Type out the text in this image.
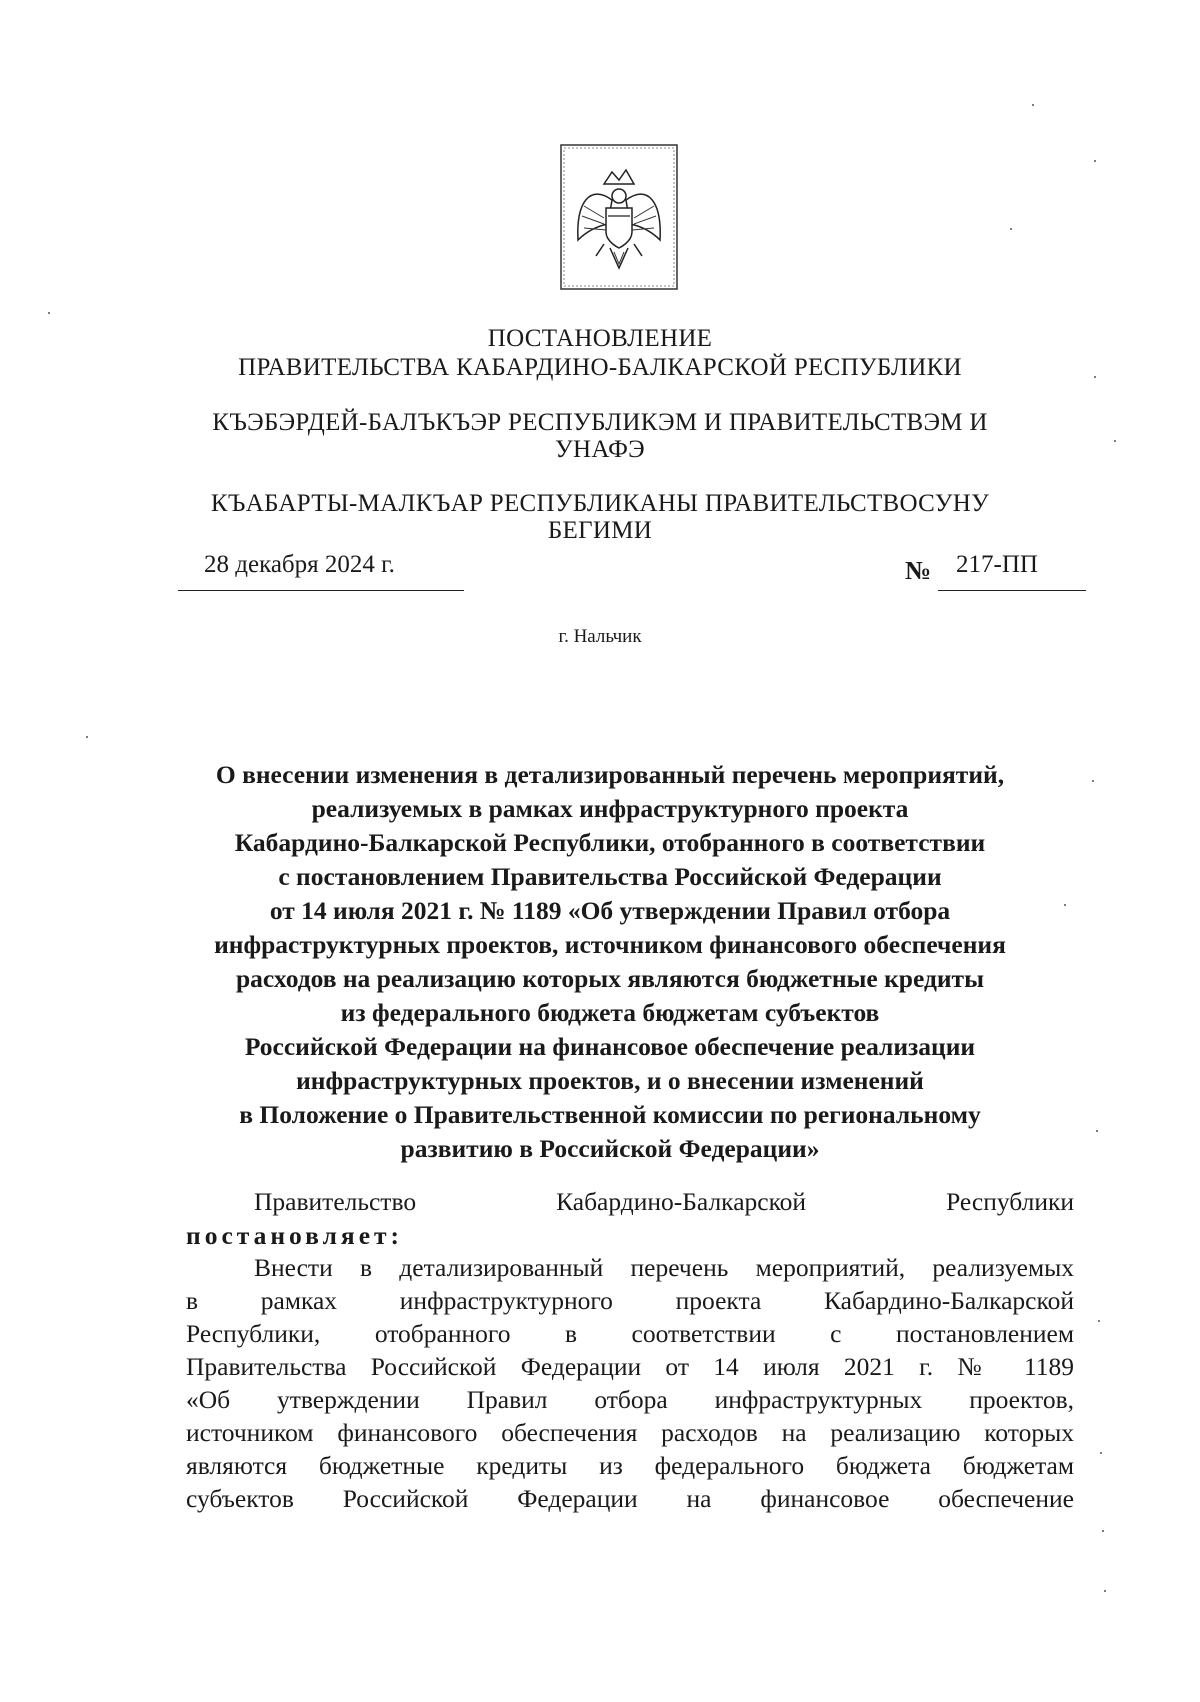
ПОСТАНОВЛЕНИЕ
ПРАВИТЕЛЬСТВА КАБАРДИНО-БАЛКАРСКОЙ РЕСПУБЛИКИ
КЪЭБЭРДЕЙ-БАЛЪКЪЭР РЕСПУБЛИКЭМ И ПРАВИТЕЛЬСТВЭМ И
УНАФЭ
КЪАБАРТЫ-МАЛКЪАР РЕСПУБЛИКАНЫ ПРАВИТЕЛЬСТВОСУНУ
БЕГИМИ
28 декабря 2024 г.	№ 217-ПП
г. Нальчик
О внесении изменения в детализированный перечень мероприятий,
реализуемых в рамках инфраструктурного проекта
Кабардино-Балкарской Республики, отобранного в соответствии
с постановлением Правительства Российской Федерации
от 14 июля 2021 г. № 1189 «Об утверждении Правил отбора
инфраструктурных проектов, источником финансового обеспечения
расходов на реализацию которых являются бюджетные кредиты
из федерального бюджета бюджетам субъектов
Российской Федерации на финансовое обеспечение реализации
инфраструктурных проектов, и о внесении изменений
в Положение о Правительственной комиссии по региональному
развитию в Российской Федерации»
Правительство Кабардино-Балкарской Республики
постановляет:
Внести в детализированный перечень мероприятий, реализуемых
в рамках инфраструктурного проекта Кабардино-Балкарской
Республики, отобранного в соответствии с постановлением
Правительства Российской Федерации от 14 июля 2021 г. № 1189
«Об утверждении Правил отбора инфраструктурных проектов,
источником финансового обеспечения расходов на реализацию которых
являются бюджетные кредиты из федерального бюджета бюджетам
субъектов Российской Федерации на финансовое обеспечение
